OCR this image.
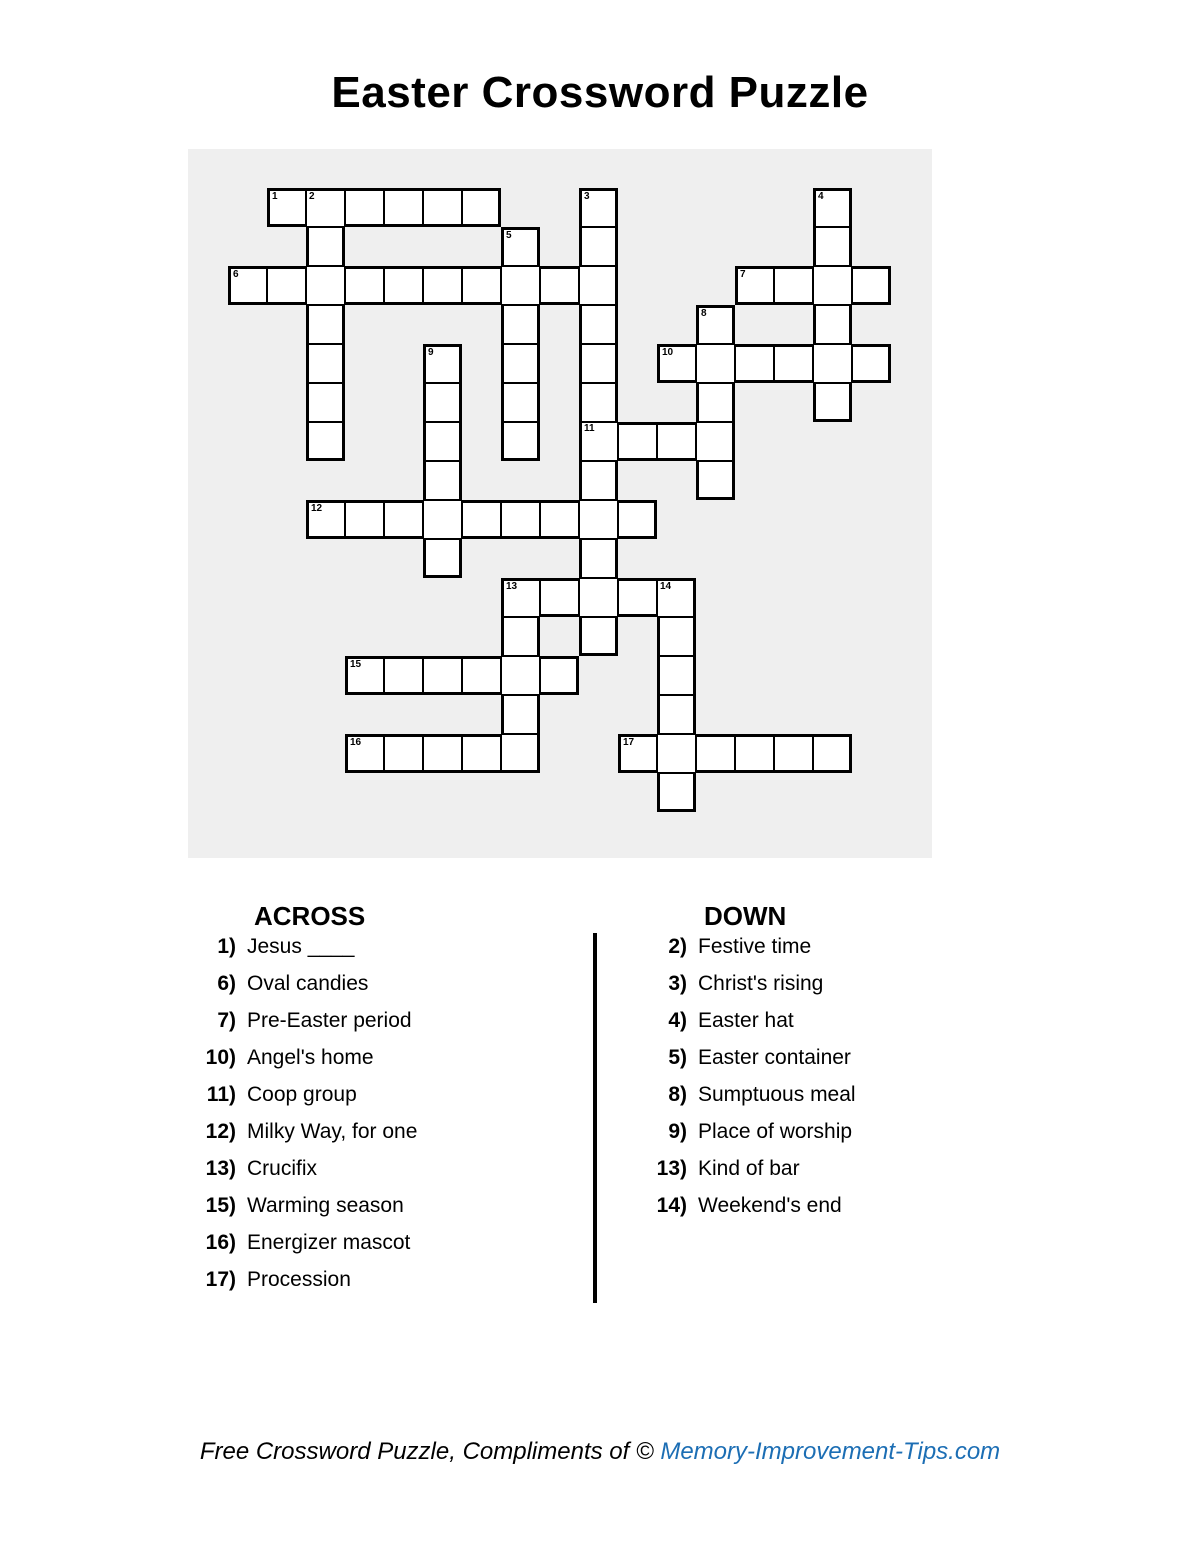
Easter Crossword Puzzle
1	2	3	4
5
6	7
8
9	10
11
12
13	14
15
16	17
ACROSS	DOWN
1) Jesus ____
6) Oval candies
7) Pre-Easter period
10) Angel's home
11) Coop group
12) Milky Way, for one
13) Crucifix
15) Warming season
16) Energizer mascot
17) Procession
2) Festive time
3) Christ's rising
4) Easter hat
5) Easter container
8) Sumptuous meal
9) Place of worship
13) Kind of bar
14) Weekend's end
Free Crossword Puzzle, Compliments of © Memory-Improvement-Tips.com
